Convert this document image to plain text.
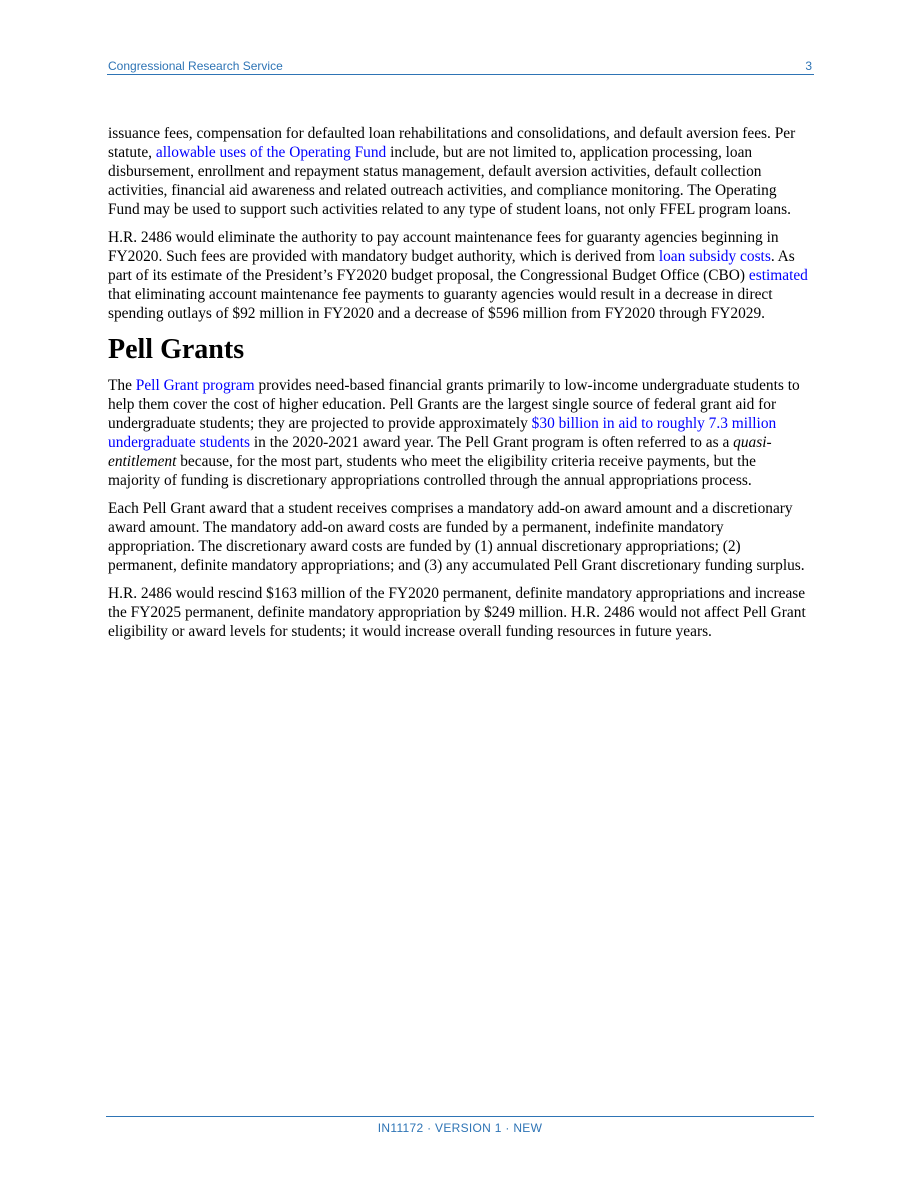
Congressional Research Service	3

issuance fees, compensation for defaulted loan rehabilitations and consolidations, and default aversion fees. Per statute, allowable uses of the Operating Fund include, but are not limited to, application processing, loan disbursement, enrollment and repayment status management, default aversion activities, default collection activities, financial aid awareness and related outreach activities, and compliance monitoring. The Operating Fund may be used to support such activities related to any type of student loans, not only FFEL program loans.

H.R. 2486 would eliminate the authority to pay account maintenance fees for guaranty agencies beginning in FY2020. Such fees are provided with mandatory budget authority, which is derived from loan subsidy costs. As part of its estimate of the President’s FY2020 budget proposal, the Congressional Budget Office (CBO) estimated that eliminating account maintenance fee payments to guaranty agencies would result in a decrease in direct spending outlays of $92 million in FY2020 and a decrease of $596 million from FY2020 through FY2029.

Pell Grants

The Pell Grant program provides need-based financial grants primarily to low-income undergraduate students to help them cover the cost of higher education. Pell Grants are the largest single source of federal grant aid for undergraduate students; they are projected to provide approximately $30 billion in aid to roughly 7.3 million undergraduate students in the 2020-2021 award year. The Pell Grant program is often referred to as a quasi-entitlement because, for the most part, students who meet the eligibility criteria receive payments, but the majority of funding is discretionary appropriations controlled through the annual appropriations process.

Each Pell Grant award that a student receives comprises a mandatory add-on award amount and a discretionary award amount. The mandatory add-on award costs are funded by a permanent, indefinite mandatory appropriation. The discretionary award costs are funded by (1) annual discretionary appropriations; (2) permanent, definite mandatory appropriations; and (3) any accumulated Pell Grant discretionary funding surplus.

H.R. 2486 would rescind $163 million of the FY2020 permanent, definite mandatory appropriations and increase the FY2025 permanent, definite mandatory appropriation by $249 million. H.R. 2486 would not affect Pell Grant eligibility or award levels for students; it would increase overall funding resources in future years.

IN11172 · VERSION 1 · NEW
